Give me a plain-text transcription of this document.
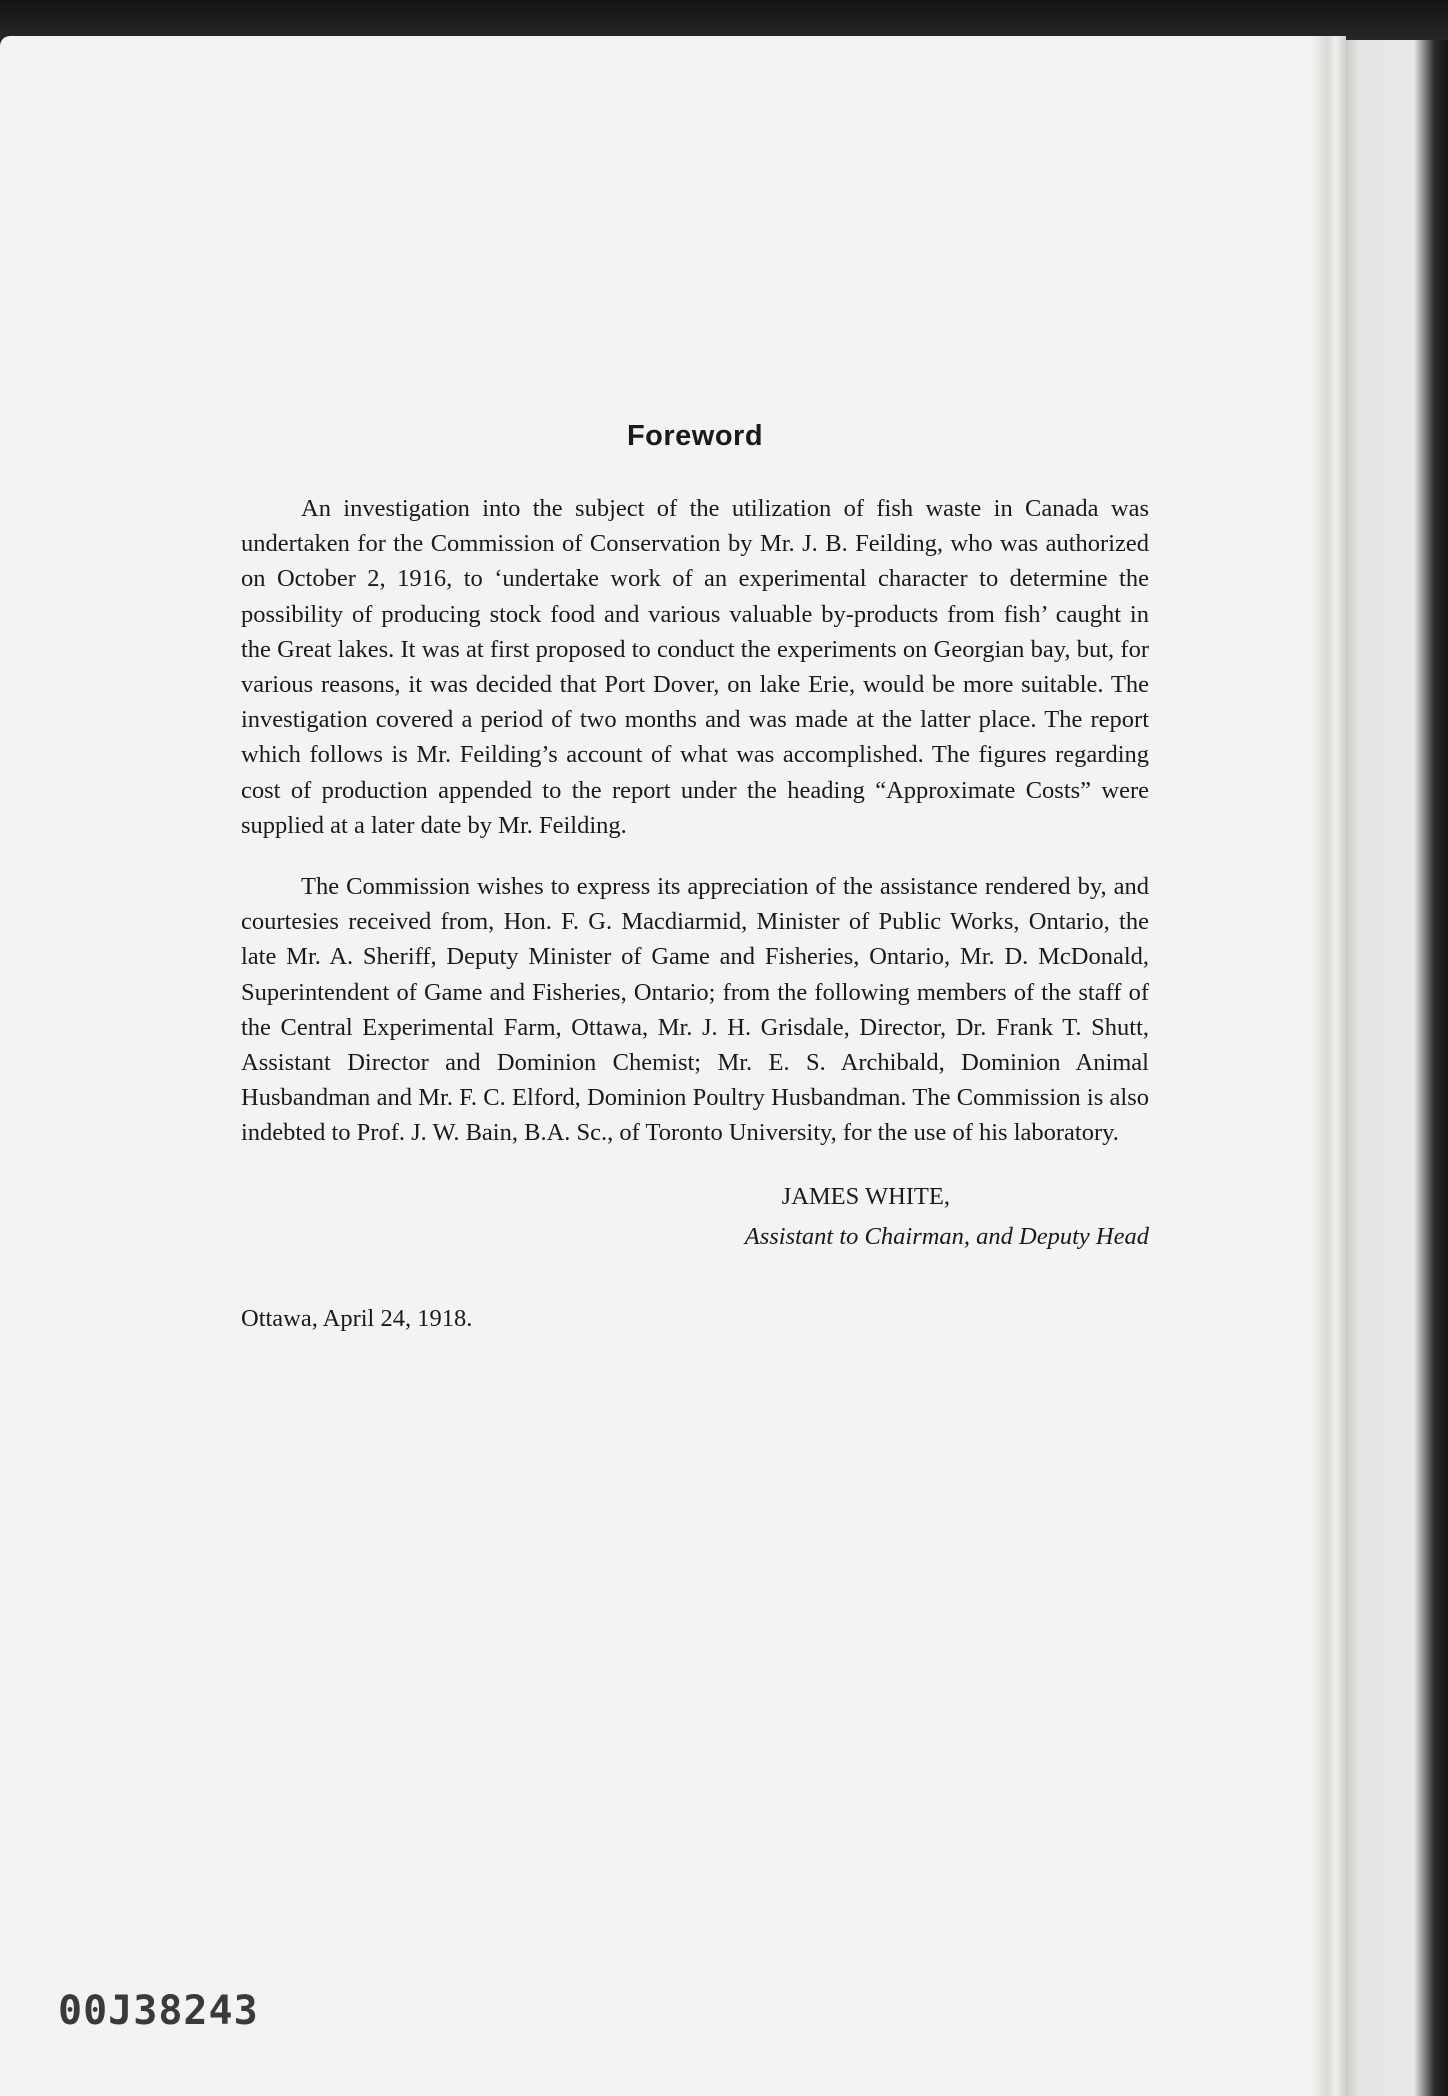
Foreword

An investigation into the subject of the utilization of fish waste in Canada was undertaken for the Commission of Conservation by Mr. J. B. Feilding, who was authorized on October 2, 1916, to ‘undertake work of an experimental character to determine the possibility of producing stock food and various valuable by-products from fish’ caught in the Great lakes. It was at first proposed to conduct the experiments on Georgian bay, but, for various reasons, it was decided that Port Dover, on lake Erie, would be more suitable. The investigation covered a period of two months and was made at the latter place. The report which follows is Mr. Feilding’s account of what was accomplished. The figures regarding cost of production appended to the report under the heading “Approximate Costs” were supplied at a later date by Mr. Feilding.

The Commission wishes to express its appreciation of the assistance rendered by, and courtesies received from, Hon. F. G. Macdiarmid, Minister of Public Works, Ontario, the late Mr. A. Sheriff, Deputy Minister of Game and Fisheries, Ontario, Mr. D. McDonald, Superintendent of Game and Fisheries, Ontario; from the following members of the staff of the Central Experimental Farm, Ottawa, Mr. J. H. Grisdale, Director, Dr. Frank T. Shutt, Assistant Director and Dominion Chemist; Mr. E. S. Archibald, Dominion Animal Husbandman and Mr. F. C. Elford, Dominion Poultry Husbandman. The Commission is also indebted to Prof. J. W. Bain, B.A. Sc., of Toronto University, for the use of his laboratory.

JAMES WHITE,
Assistant to Chairman, and Deputy Head
Ottawa, April 24, 1918.
00J38243
